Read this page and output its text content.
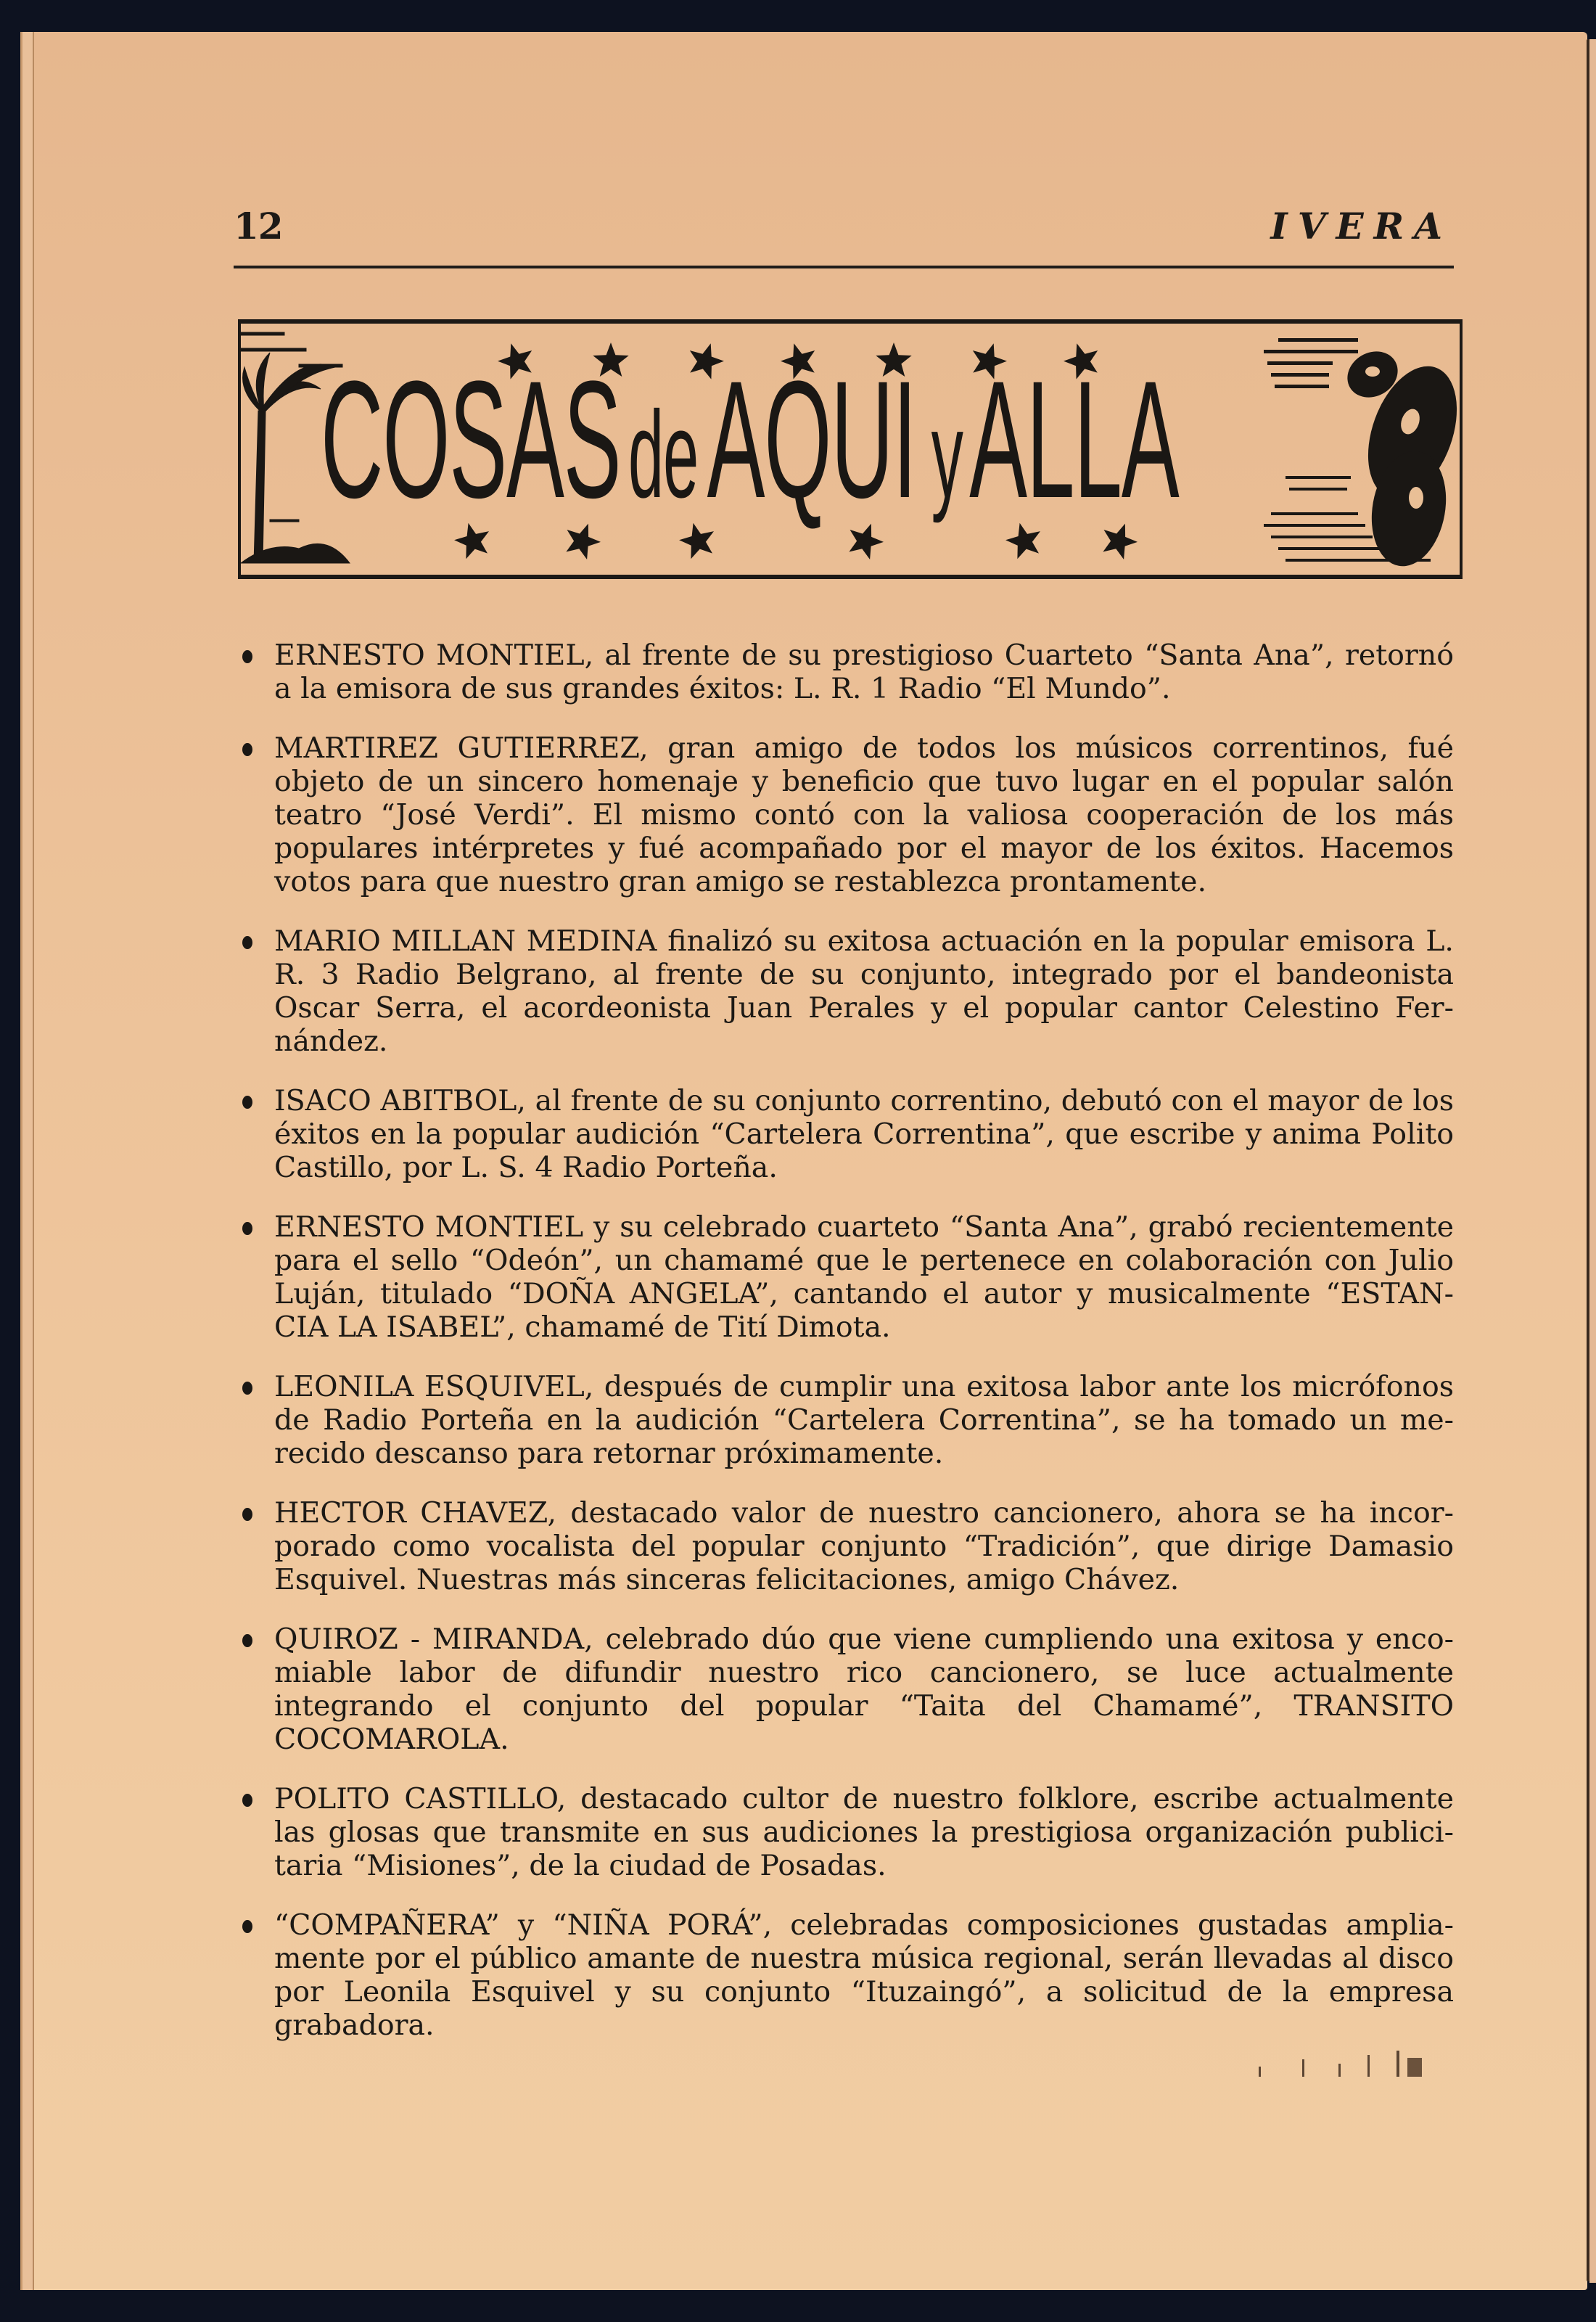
12	IVERA
COSASdeAQUI yALLA
ERNESTO MONTIEL, al frente de su prestigioso Cuarteto “Santa Ana”, retornó a la emisora de sus grandes éxitos: L. R. 1 Radio “El Mundo”.
MARTIREZ GUTIERREZ, gran amigo de todos los músicos correntinos, fué objeto de un sincero homenaje y beneficio que tuvo lugar en el popular salón teatro “José Verdi”. El mismo contó con la valiosa cooperación de los más populares intérpretes y fué acompañado por el mayor de los éxitos. Hacemos votos para que nuestro gran amigo se restablezca prontamente.
MARIO MILLAN MEDINA finalizó su exitosa actuación en la popular emisora L. R. 3 Radio Belgrano, al frente de su conjunto, integrado por el bandeonista Oscar Serra, el acordeonista Juan Perales y el popular cantor Celestino Fer-nández.
ISACO ABITBOL, al frente de su conjunto correntino, debutó con el mayor de los éxitos en la popular audición “Cartelera Correntina”, que escribe y anima Polito Castillo, por L. S. 4 Radio Porteña.
ERNESTO MONTIEL y su celebrado cuarteto “Santa Ana”, grabó recientemente para el sello “Odeón”, un chamamé que le pertenece en colaboración con Julio Luján, titulado “DOÑA ANGELA”, cantando el autor y musicalmente “ESTAN-CIA LA ISABEL”, chamamé de Tití Dimota.
LEONILA ESQUIVEL, después de cumplir una exitosa labor ante los micrófonos de Radio Porteña en la audición “Cartelera Correntina”, se ha tomado un me-recido descanso para retornar próximamente.
HECTOR CHAVEZ, destacado valor de nuestro cancionero, ahora se ha incor-porado como vocalista del popular conjunto “Tradición”, que dirige Damasio Esquivel. Nuestras más sinceras felicitaciones, amigo Chávez.
QUIROZ - MIRANDA, celebrado dúo que viene cumpliendo una exitosa y enco-miable labor de difundir nuestro rico cancionero, se luce actualmente integrando el conjunto del popular “Taita del Chamamé”, TRANSITO COCOMAROLA.
POLITO CASTILLO, destacado cultor de nuestro folklore, escribe actualmente las glosas que transmite en sus audiciones la prestigiosa organización publici-taria “Misiones”, de la ciudad de Posadas.
“COMPAÑERA” y “NIÑA PORÁ”, celebradas composiciones gustadas amplia-mente por el público amante de nuestra música regional, serán llevadas al disco por Leonila Esquivel y su conjunto “Ituzaingó”, a solicitud de la empresa grabadora.
